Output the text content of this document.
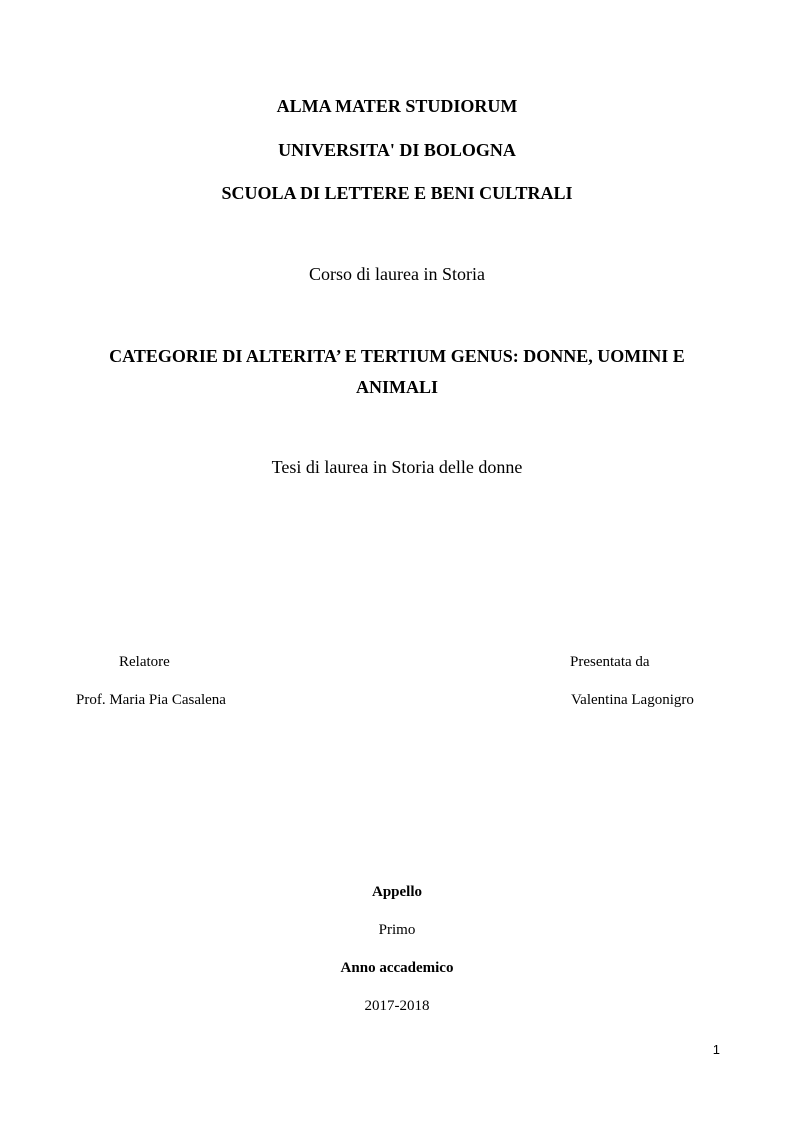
ALMA MATER STUDIORUM
UNIVERSITA' DI BOLOGNA
SCUOLA DI LETTERE E BENI CULTRALI
Corso di laurea in Storia
CATEGORIE DI ALTERITA’ E TERTIUM GENUS: DONNE, UOMINI E
ANIMALI
Tesi di laurea in Storia delle donne
Relatore
Prof. Maria Pia Casalena
Presentata da
Valentina Lagonigro
Appello
Primo
Anno accademico
2017-2018
1
